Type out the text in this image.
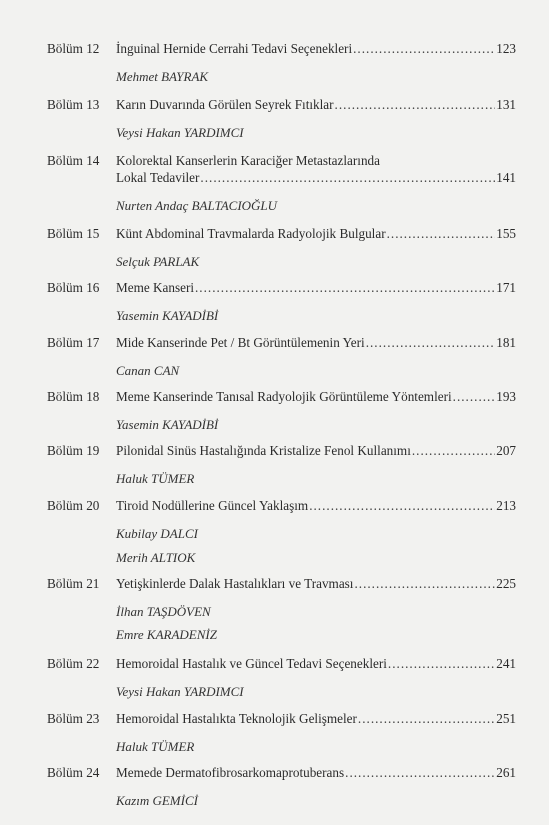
Bölüm 12 İnguinal Hernide Cerrahi Tedavi Seçenekleri .....	123
Mehmet BAYRAK
Bölüm 13 Karın Duvarında Görülen Seyrek Fıtıklar .....	131
Veysi Hakan YARDIMCI
Bölüm 14 Kolorektal Kanserlerin Karaciğer Metastazlarında
Lokal Tedaviler .....	141
Nurten Andaç BALTACIOĞLU
Bölüm 15 Künt Abdominal Travmalarda Radyolojik Bulgular .....	155
Selçuk PARLAK
Bölüm 16 Meme Kanseri .....	171
Yasemin KAYADİBİ
Bölüm 17 Mide Kanserinde Pet / Bt Görüntülemenin Yeri .....	181
Canan CAN
Bölüm 18 Meme Kanserinde Tanısal Radyolojik Görüntüleme Yöntemleri .....	193
Yasemin KAYADİBİ
Bölüm 19 Pilonidal Sinüs Hastalığında Kristalize Fenol Kullanımı .....	207
Haluk TÜMER
Bölüm 20 Tiroid Nodüllerine Güncel Yaklaşım .....	213
Kubilay DALCI
Merih ALTIOK
Bölüm 21 Yetişkinlerde Dalak Hastalıkları ve Travması .....	225
İlhan TAŞDÖVEN
Emre KARADENİZ
Bölüm 22 Hemoroidal Hastalık ve Güncel Tedavi Seçenekleri .....	241
Veysi Hakan YARDIMCI
Bölüm 23 Hemoroidal Hastalıkta Teknolojik Gelişmeler .....	251
Haluk TÜMER
Bölüm 24 Memede Dermatofibrosarkomaprotuberans .....	261
Kazım GEMİCİ
